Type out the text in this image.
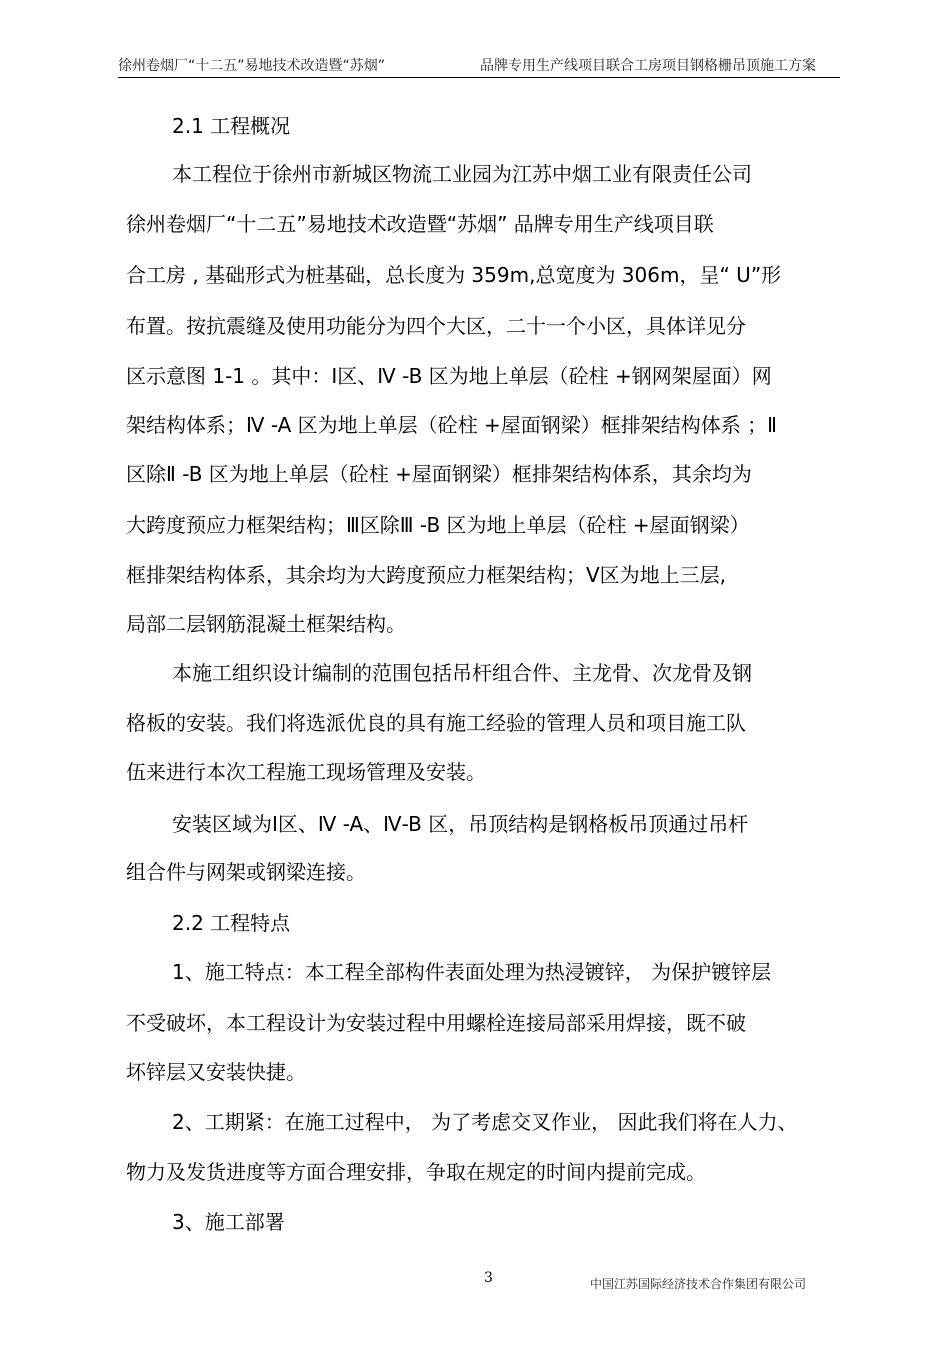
徐州卷烟厂“十二五”易地技术改造暨“苏烟”	品牌专用生产线项目联合工房项目钢格栅吊顶施工方案
2.1 工程概况
本工程位于徐州市新城区物流工业园为江苏中烟工业有限责任公司
徐州卷烟厂“十二五”易地技术改造暨“苏烟” 品牌专用生产线项目联
合工房 , 基础形式为桩基础，总长度为 359m,总宽度为 306m，呈“ U”形
布置。按抗震缝及使用功能分为四个大区，二十一个小区，具体详见分
区示意图 1-1 。其中：Ⅰ区、Ⅳ -B 区为地上单层（砼柱 +钢网架屋面）网
架结构体系；Ⅳ -A 区为地上单层（砼柱 +屋面钢梁）框排架结构体系 ；Ⅱ
区除Ⅱ -B 区为地上单层（砼柱 +屋面钢梁）框排架结构体系，其余均为
大跨度预应力框架结构；Ⅲ区除Ⅲ -B 区为地上单层（砼柱 +屋面钢梁）
框排架结构体系，其余均为大跨度预应力框架结构；Ⅴ区为地上三层,
局部二层钢筋混凝土框架结构。
本施工组织设计编制的范围包括吊杆组合件、主龙骨、次龙骨及钢
格板的安装。我们将选派优良的具有施工经验的管理人员和项目施工队
伍来进行本次工程施工现场管理及安装。
安装区域为Ⅰ区、Ⅳ -A、Ⅳ-B 区，吊顶结构是钢格板吊顶通过吊杆
组合件与网架或钢梁连接。
2.2 工程特点
1、施工特点：本工程全部构件表面处理为热浸镀锌， 为保护镀锌层
不受破坏，本工程设计为安装过程中用螺栓连接局部采用焊接，既不破
坏锌层又安装快捷。
2、工期紧：在施工过程中， 为了考虑交叉作业， 因此我们将在人力、
物力及发货进度等方面合理安排，争取在规定的时间内提前完成。
3、施工部署
3	中国江苏国际经济技术合作集团有限公司
